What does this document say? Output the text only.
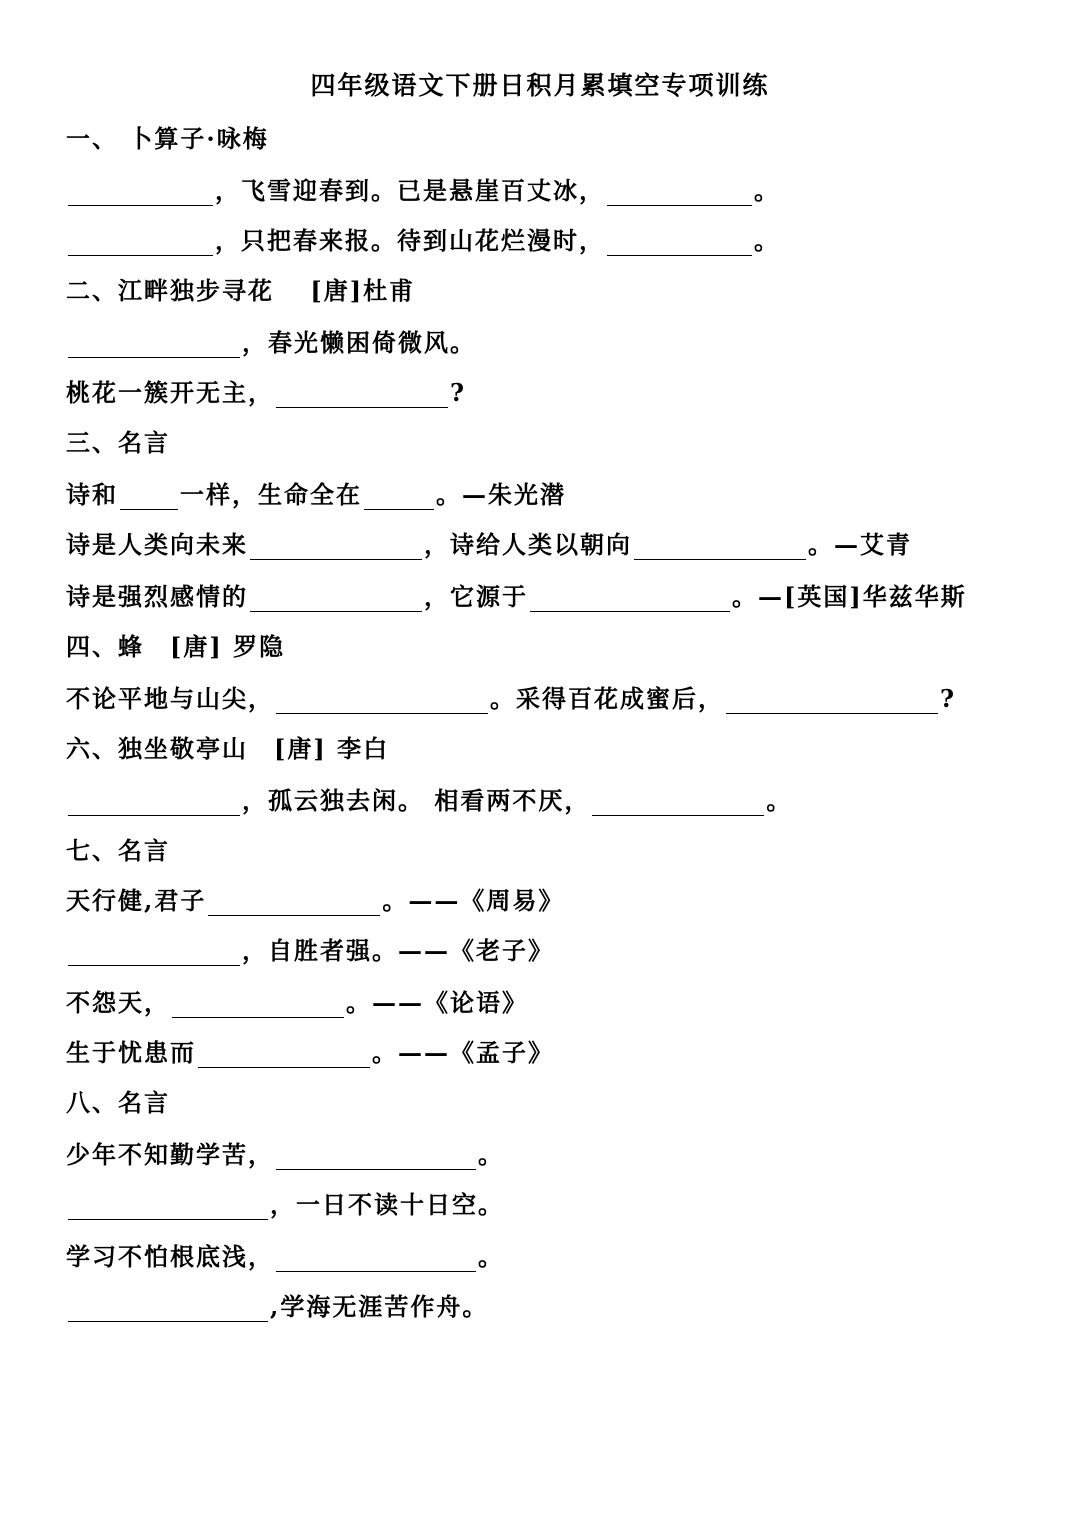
四年级语文下册日积月累填空专项训练
一、 卜算子·咏梅
，飞雪迎春到。已是悬崖百丈冰，	。
，只把春来报。待到山花烂漫时，	。
二、江畔独步寻花　 [唐]杜甫
，春光懒困倚微风。
桃花一簇开无主，	?
三、名言
诗和	一样，生命全在	。—朱光潜
诗是人类向未来	，诗给人类以朝向	。—艾青
诗是强烈感情的	，它源于	。—[英国]华兹华斯
四、蜂　[唐] 罗隐
不论平地与山尖，	。采得百花成蜜后，	?
六、独坐敬亭山　[唐] 李白
，孤云独去闲。 相看两不厌，	。
七、名言
天行健,君子	。——《周易》
，自胜者强。——《老子》
不怨天，	。——《论语》
生于忧患而	。——《孟子》
八、名言
少年不知勤学苦，	。
，一日不读十日空。
学习不怕根底浅，	。
,学海无涯苦作舟。
